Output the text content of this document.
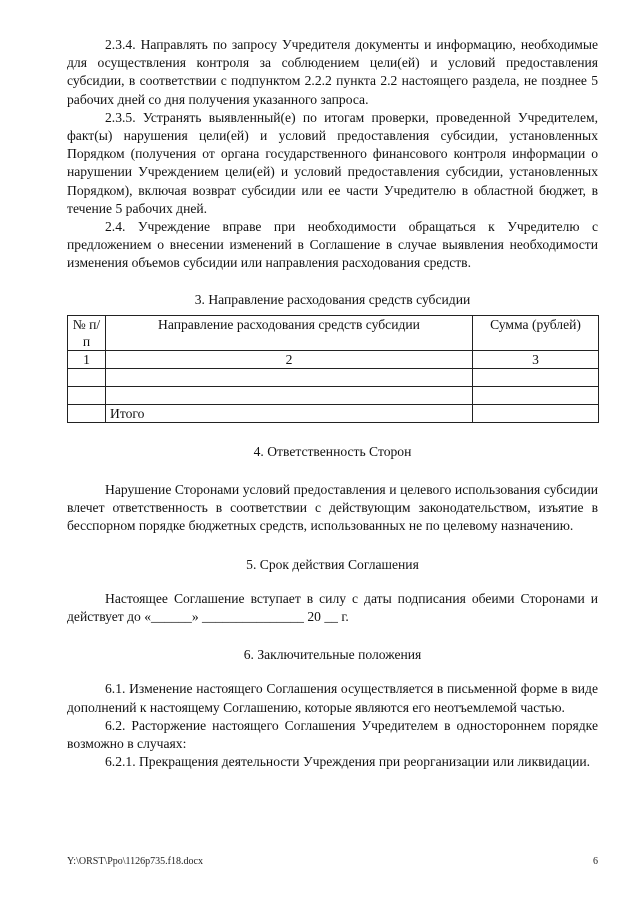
2.3.4. Направлять по запросу Учредителя документы и информацию, необходимые для осуществления контроля за соблюдением цели(ей) и условий предоставления субсидии, в соответствии с подпунктом 2.2.2 пункта 2.2 настоящего раздела, не позднее 5 рабочих дней со дня получения указанного запроса.

2.3.5. Устранять выявленный(е) по итогам проверки, проведенной Учредителем, факт(ы) нарушения цели(ей) и условий предоставления субсидии, установленных Порядком (получения от органа государственного финансового контроля информации о нарушении Учреждением цели(ей) и условий предоставления субсидии, установленных Порядком), включая возврат субсидии или ее части Учредителю в областной бюджет, в течение 5 рабочих дней.

2.4. Учреждение вправе при необходимости обращаться к Учредителю с предложением о внесении изменений в Соглашение в случае выявления необходимости изменения объемов субсидии или направления расходования средств.

3. Направление расходования средств субсидии

№ п/п	Направление расходования средств субсидии	Сумма (рублей)
1	2	3

	Итого	

4. Ответственность Сторон

Нарушение Сторонами условий предоставления и целевого использования субсидии влечет ответственность в соответствии с действующим законодательством, изъятие в бесспорном порядке бюджетных средств, использованных не по целевому назначению.

5. Срок действия Соглашения

Настоящее Соглашение вступает в силу с даты подписания обеими Сторонами и действует до «______» _______________ 20 __ г.

6. Заключительные положения

6.1. Изменение настоящего Соглашения осуществляется в письменной форме в виде дополнений к настоящему Соглашению, которые являются его неотъемлемой частью.

6.2. Расторжение настоящего Соглашения Учредителем в одностороннем порядке возможно в случаях:

6.2.1. Прекращения деятельности Учреждения при реорганизации или ликвидации.

Y:\ORST\Ppo\1126p735.f18.docx	6
